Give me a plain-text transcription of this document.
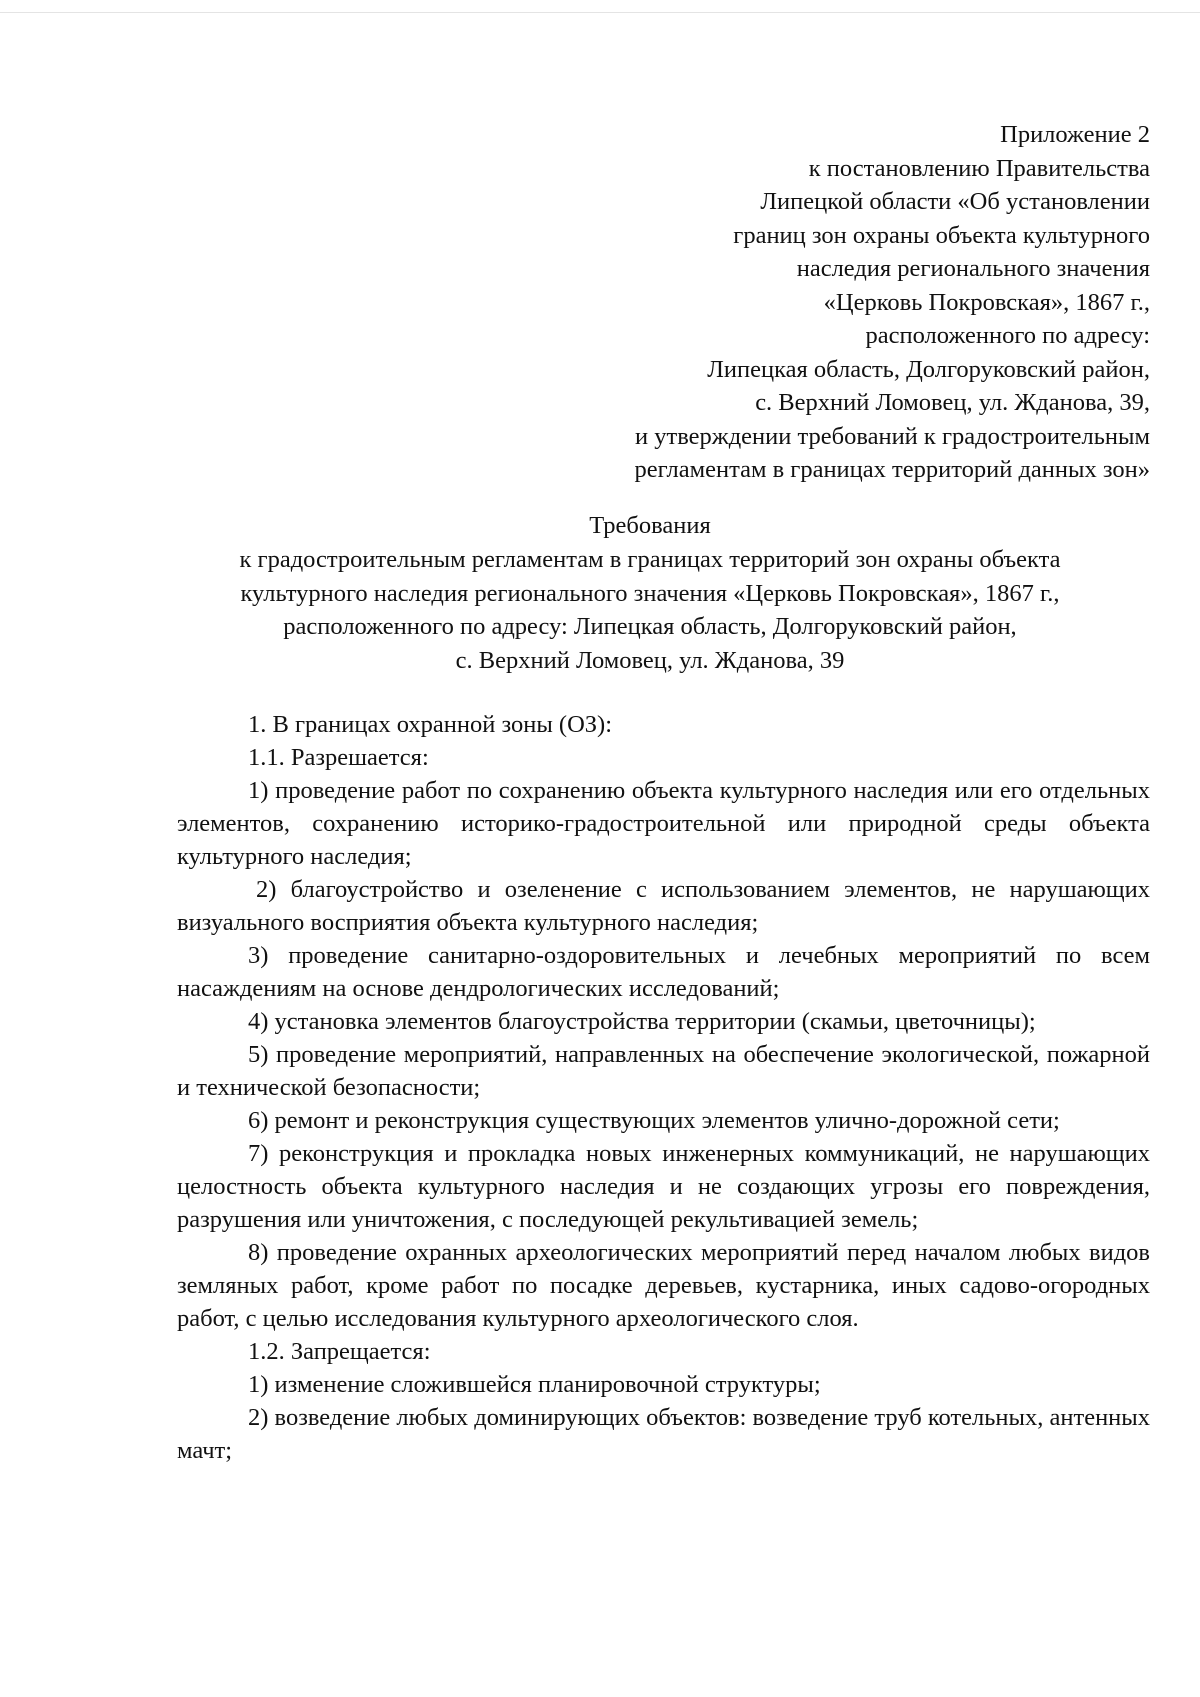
Приложение 2
к постановлению Правительства
Липецкой области «Об установлении
границ зон охраны объекта культурного
наследия регионального значения
«Церковь Покровская», 1867 г.,
расположенного по адресу:
Липецкая область, Долгоруковский район,
с. Верхний Ломовец, ул. Жданова, 39,
и утверждении требований к градостроительным
регламентам в границах территорий данных зон»
Требования
к градостроительным регламентам в границах территорий зон охраны объекта
культурного наследия регионального значения «Церковь Покровская», 1867 г.,
расположенного по адресу: Липецкая область, Долгоруковский район,
с. Верхний Ломовец, ул. Жданова, 39

1. В границах охранной зоны (ОЗ):

1.1. Разрешается:

1) проведение работ по сохранению объекта культурного наследия или его отдельных элементов, сохранению историко-градостроительной или природной среды объекта культурного наследия;

2) благоустройство и озеленение с использованием элементов, не нарушающих визуального восприятия объекта культурного наследия;

3) проведение санитарно-оздоровительных и лечебных мероприятий по всем насаждениям на основе дендрологических исследований;

4) установка элементов благоустройства территории (скамьи, цветочницы);

5) проведение мероприятий, направленных на обеспечение экологической, пожарной и технической безопасности;

6) ремонт и реконструкция существующих элементов улично-дорожной сети;

7) реконструкция и прокладка новых инженерных коммуникаций, не нарушающих целостность объекта культурного наследия и не создающих угрозы его повреждения, разрушения или уничтожения, с последующей рекультивацией земель;

8) проведение охранных археологических мероприятий перед началом любых видов земляных работ, кроме работ по посадке деревьев, кустарника, иных садово-огородных работ, с целью исследования культурного археологического слоя.

1.2. Запрещается:

1) изменение сложившейся планировочной структуры;

2) возведение любых доминирующих объектов: возведение труб котельных, антенных мачт;
